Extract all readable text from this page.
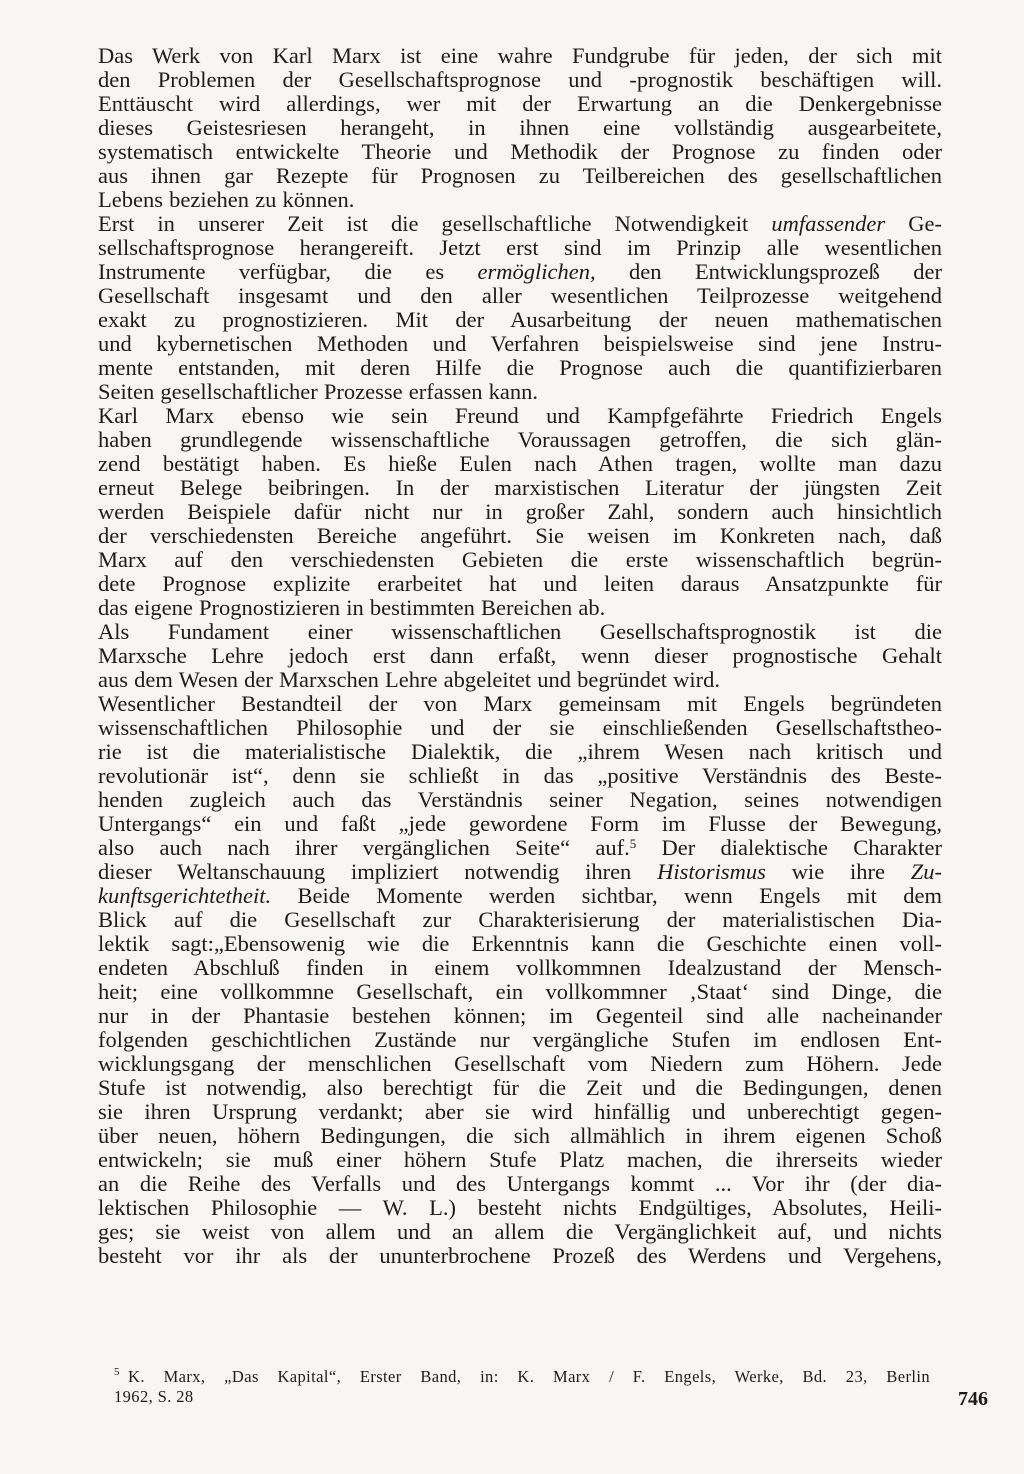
Das Werk von Karl Marx ist eine wahre Fundgrube für jeden, der sich mit
den Problemen der Gesellschaftsprognose und -prognostik beschäftigen will.
Enttäuscht wird allerdings, wer mit der Erwartung an die Denkergebnisse
dieses Geistesriesen herangeht, in ihnen eine vollständig ausgearbeitete,
systematisch entwickelte Theorie und Methodik der Prognose zu finden oder
aus ihnen gar Rezepte für Prognosen zu Teilbereichen des gesellschaftlichen
Lebens beziehen zu können.
Erst in unserer Zeit ist die gesellschaftliche Notwendigkeit umfassender Ge-
sellschaftsprognose herangereift. Jetzt erst sind im Prinzip alle wesentlichen
Instrumente verfügbar, die es ermöglichen, den Entwicklungsprozeß der
Gesellschaft insgesamt und den aller wesentlichen Teilprozesse weitgehend
exakt zu prognostizieren. Mit der Ausarbeitung der neuen mathematischen
und kybernetischen Methoden und Verfahren beispielsweise sind jene Instru-
mente entstanden, mit deren Hilfe die Prognose auch die quantifizierbaren
Seiten gesellschaftlicher Prozesse erfassen kann.
Karl Marx ebenso wie sein Freund und Kampfgefährte Friedrich Engels
haben grundlegende wissenschaftliche Voraussagen getroffen, die sich glän-
zend bestätigt haben. Es hieße Eulen nach Athen tragen, wollte man dazu
erneut Belege beibringen. In der marxistischen Literatur der jüngsten Zeit
werden Beispiele dafür nicht nur in großer Zahl, sondern auch hinsichtlich
der verschiedensten Bereiche angeführt. Sie weisen im Konkreten nach, daß
Marx auf den verschiedensten Gebieten die erste wissenschaftlich begrün-
dete Prognose explizite erarbeitet hat und leiten daraus Ansatzpunkte für
das eigene Prognostizieren in bestimmten Bereichen ab.
Als Fundament einer wissenschaftlichen Gesellschaftsprognostik ist die
Marxsche Lehre jedoch erst dann erfaßt, wenn dieser prognostische Gehalt
aus dem Wesen der Marxschen Lehre abgeleitet und begründet wird.
Wesentlicher Bestandteil der von Marx gemeinsam mit Engels begründeten
wissenschaftlichen Philosophie und der sie einschließenden Gesellschaftstheo-
rie ist die materialistische Dialektik, die „ihrem Wesen nach kritisch und
revolutionär ist“, denn sie schließt in das „positive Verständnis des Beste-
henden zugleich auch das Verständnis seiner Negation, seines notwendigen
Untergangs“ ein und faßt „jede gewordene Form im Flusse der Bewegung,
also auch nach ihrer vergänglichen Seite“ auf.$^5$ Der dialektische Charakter
dieser Weltanschauung impliziert notwendig ihren Historismus wie ihre Zu-
kunftsgerichtetheit. Beide Momente werden sichtbar, wenn Engels mit dem
Blick auf die Gesellschaft zur Charakterisierung der materialistischen Dia-
lektik sagt:„Ebensowenig wie die Erkenntnis kann die Geschichte einen voll-
endeten Abschluß finden in einem vollkommnen Idealzustand der Mensch-
heit; eine vollkommne Gesellschaft, ein vollkommner ‚Staat‘ sind Dinge, die
nur in der Phantasie bestehen können; im Gegenteil sind alle nacheinander
folgenden geschichtlichen Zustände nur vergängliche Stufen im endlosen Ent-
wicklungsgang der menschlichen Gesellschaft vom Niedern zum Höhern. Jede
Stufe ist notwendig, also berechtigt für die Zeit und die Bedingungen, denen
sie ihren Ursprung verdankt; aber sie wird hinfällig und unberechtigt gegen-
über neuen, höhern Bedingungen, die sich allmählich in ihrem eigenen Schoß
entwickeln; sie muß einer höhern Stufe Platz machen, die ihrerseits wieder
an die Reihe des Verfalls und des Untergangs kommt ... Vor ihr (der dia-
lektischen Philosophie — W. L.) besteht nichts Endgültiges, Absolutes, Heili-
ges; sie weist von allem und an allem die Vergänglichkeit auf, und nichts
besteht vor ihr als der ununterbrochene Prozeß des Werdens und Vergehens,
5 K. Marx, „Das Kapital“, Erster Band, in: K. Marx / F. Engels, Werke, Bd. 23, Berlin
1962, S. 28	746
